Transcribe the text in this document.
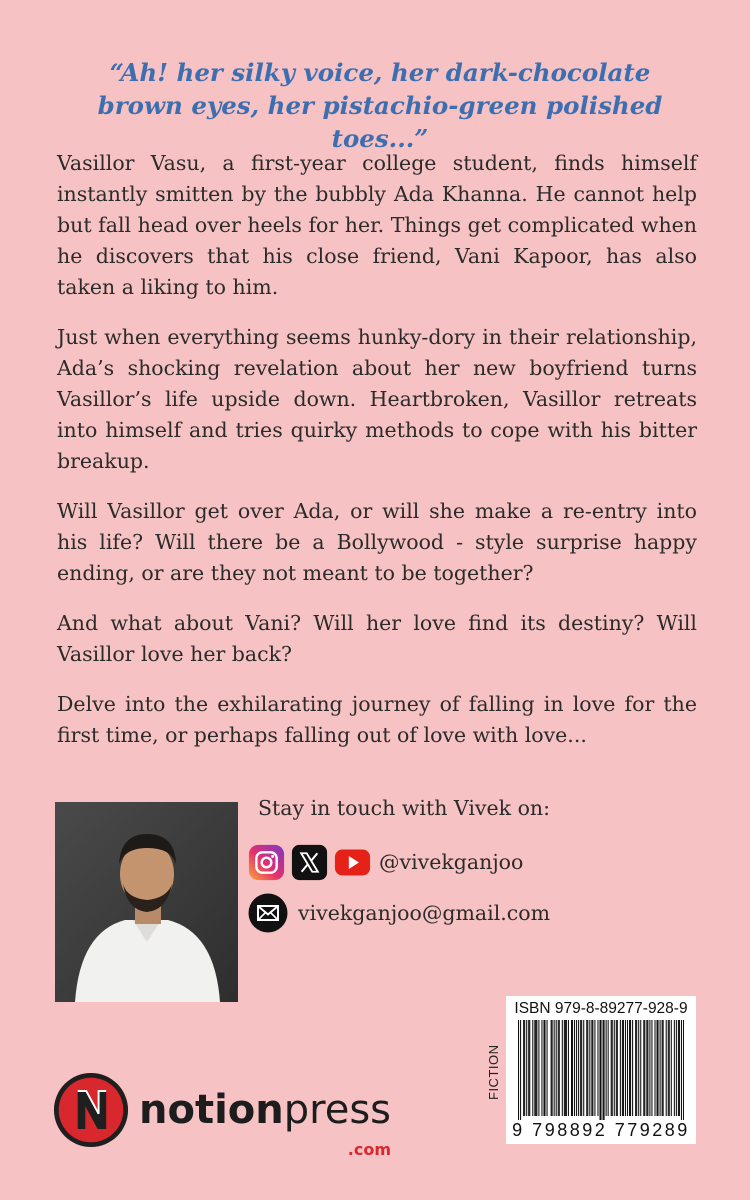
“Ah! her silky voice, her dark-chocolate brown eyes, her pistachio-green polished toes...”

Vasillor Vasu, a first-year college student, finds himself instantly smitten by the bubbly Ada Khanna. He cannot help but fall head over heels for her. Things get complicated when he discovers that his close friend, Vani Kapoor, has also taken a liking to him.

Just when everything seems hunky-dory in their relationship, Ada’s shocking revelation about her new boyfriend turns Vasillor’s life upside down. Heartbroken, Vasillor retreats into himself and tries quirky methods to cope with his bitter breakup.

Will Vasillor get over Ada, or will she make a re-entry into his life? Will there be a Bollywood - style surprise happy ending, or are they not meant to be together?

And what about Vani? Will her love find its destiny? Will Vasillor love her back?

Delve into the exhilarating journey of falling in love for the first time, or perhaps falling out of love with love...

Stay in touch with Vivek on:

@vivekganjoo
vivekganjoo@gmail.com
notionpress
.com
FICTION
ISBN 979-8-89277-928-9
9 798892 779289
